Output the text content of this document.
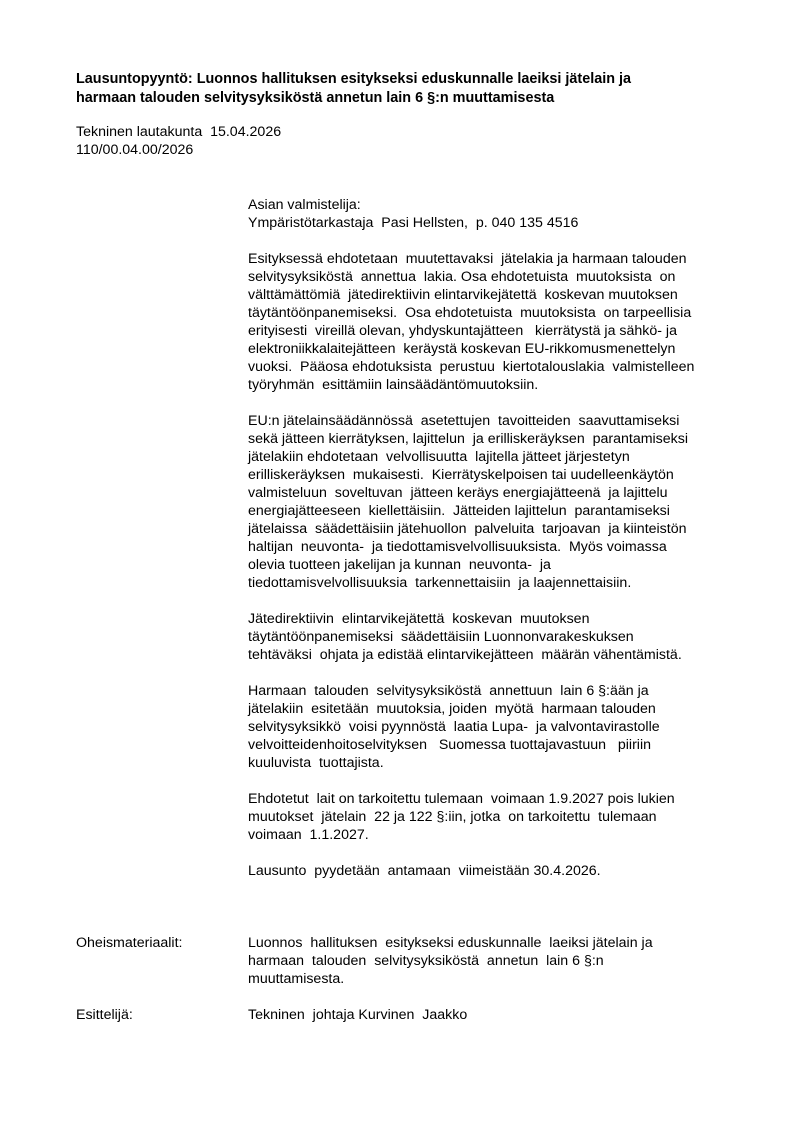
Lausuntopyyntö: Luonnos hallituksen esitykseksi eduskunnalle laeiksi jätelain ja
harmaan talouden selvitysyksiköstä annetun lain 6 §:n muuttamisesta
Tekninen lautakunta  15.04.2026
110/00.04.00/2026
Asian valmistelija:
Ympäristötarkastaja  Pasi Hellsten,  p. 040 135 4516
Esityksessä ehdotetaan  muutettavaksi  jätelakia ja harmaan talouden
selvitysyksiköstä  annettua  lakia. Osa ehdotetuista  muutoksista  on
välttämättömiä  jätedirektiivin elintarvikejätettä  koskevan muutoksen
täytäntöönpanemiseksi.  Osa ehdotetuista  muutoksista  on tarpeellisia
erityisesti  vireillä olevan, yhdyskuntajätteen   kierrätystä ja sähkö- ja
elektroniikkalaitejätteen  keräystä koskevan EU-rikkomusmenettelyn
vuoksi.  Pääosa ehdotuksista  perustuu  kiertotalouslakia  valmistelleen
työryhmän  esittämiin lainsäädäntömuutoksiin.
EU:n jätelainsäädännössä  asetettujen  tavoitteiden  saavuttamiseksi
sekä jätteen kierrätyksen, lajittelun  ja erilliskeräyksen  parantamiseksi
jätelakiin ehdotetaan  velvollisuutta  lajitella jätteet järjestetyn
erilliskeräyksen  mukaisesti.  Kierrätyskelpoisen tai uudelleenkäytön
valmisteluun  soveltuvan  jätteen keräys energiajätteenä  ja lajittelu
energiajätteeseen  kiellettäisiin.  Jätteiden lajittelun  parantamiseksi
jätelaissa  säädettäisiin jätehuollon  palveluita  tarjoavan  ja kiinteistön
haltijan  neuvonta-  ja tiedottamisvelvollisuuksista.  Myös voimassa
olevia tuotteen jakelijan ja kunnan  neuvonta-  ja
tiedottamisvelvollisuuksia  tarkennettaisiin  ja laajennettaisiin.
Jätedirektiivin  elintarvikejätettä  koskevan  muutoksen
täytäntöönpanemiseksi  säädettäisiin Luonnonvarakeskuksen
tehtäväksi  ohjata ja edistää elintarvikejätteen  määrän vähentämistä.
Harmaan  talouden  selvitysyksiköstä  annettuun  lain 6 §:ään ja
jätelakiin  esitetään  muutoksia, joiden  myötä  harmaan talouden
selvitysyksikkö  voisi pyynnöstä  laatia Lupa-  ja valvontavirastolle
velvoitteidenhoitoselvityksen   Suomessa tuottajavastuun   piiriin
kuuluvista  tuottajista.
Ehdotetut  lait on tarkoitettu tulemaan  voimaan 1.9.2027 pois lukien
muutokset  jätelain  22 ja 122 §:iin, jotka  on tarkoitettu  tulemaan
voimaan  1.1.2027.
Lausunto  pyydetään  antamaan  viimeistään 30.4.2026.
Oheismateriaalit:	Luonnos  hallituksen  esitykseksi eduskunnalle  laeiksi jätelain ja
harmaan  talouden  selvitysyksiköstä  annetun  lain 6 §:n
muuttamisesta.
Esittelijä:	Tekninen  johtaja Kurvinen  Jaakko
